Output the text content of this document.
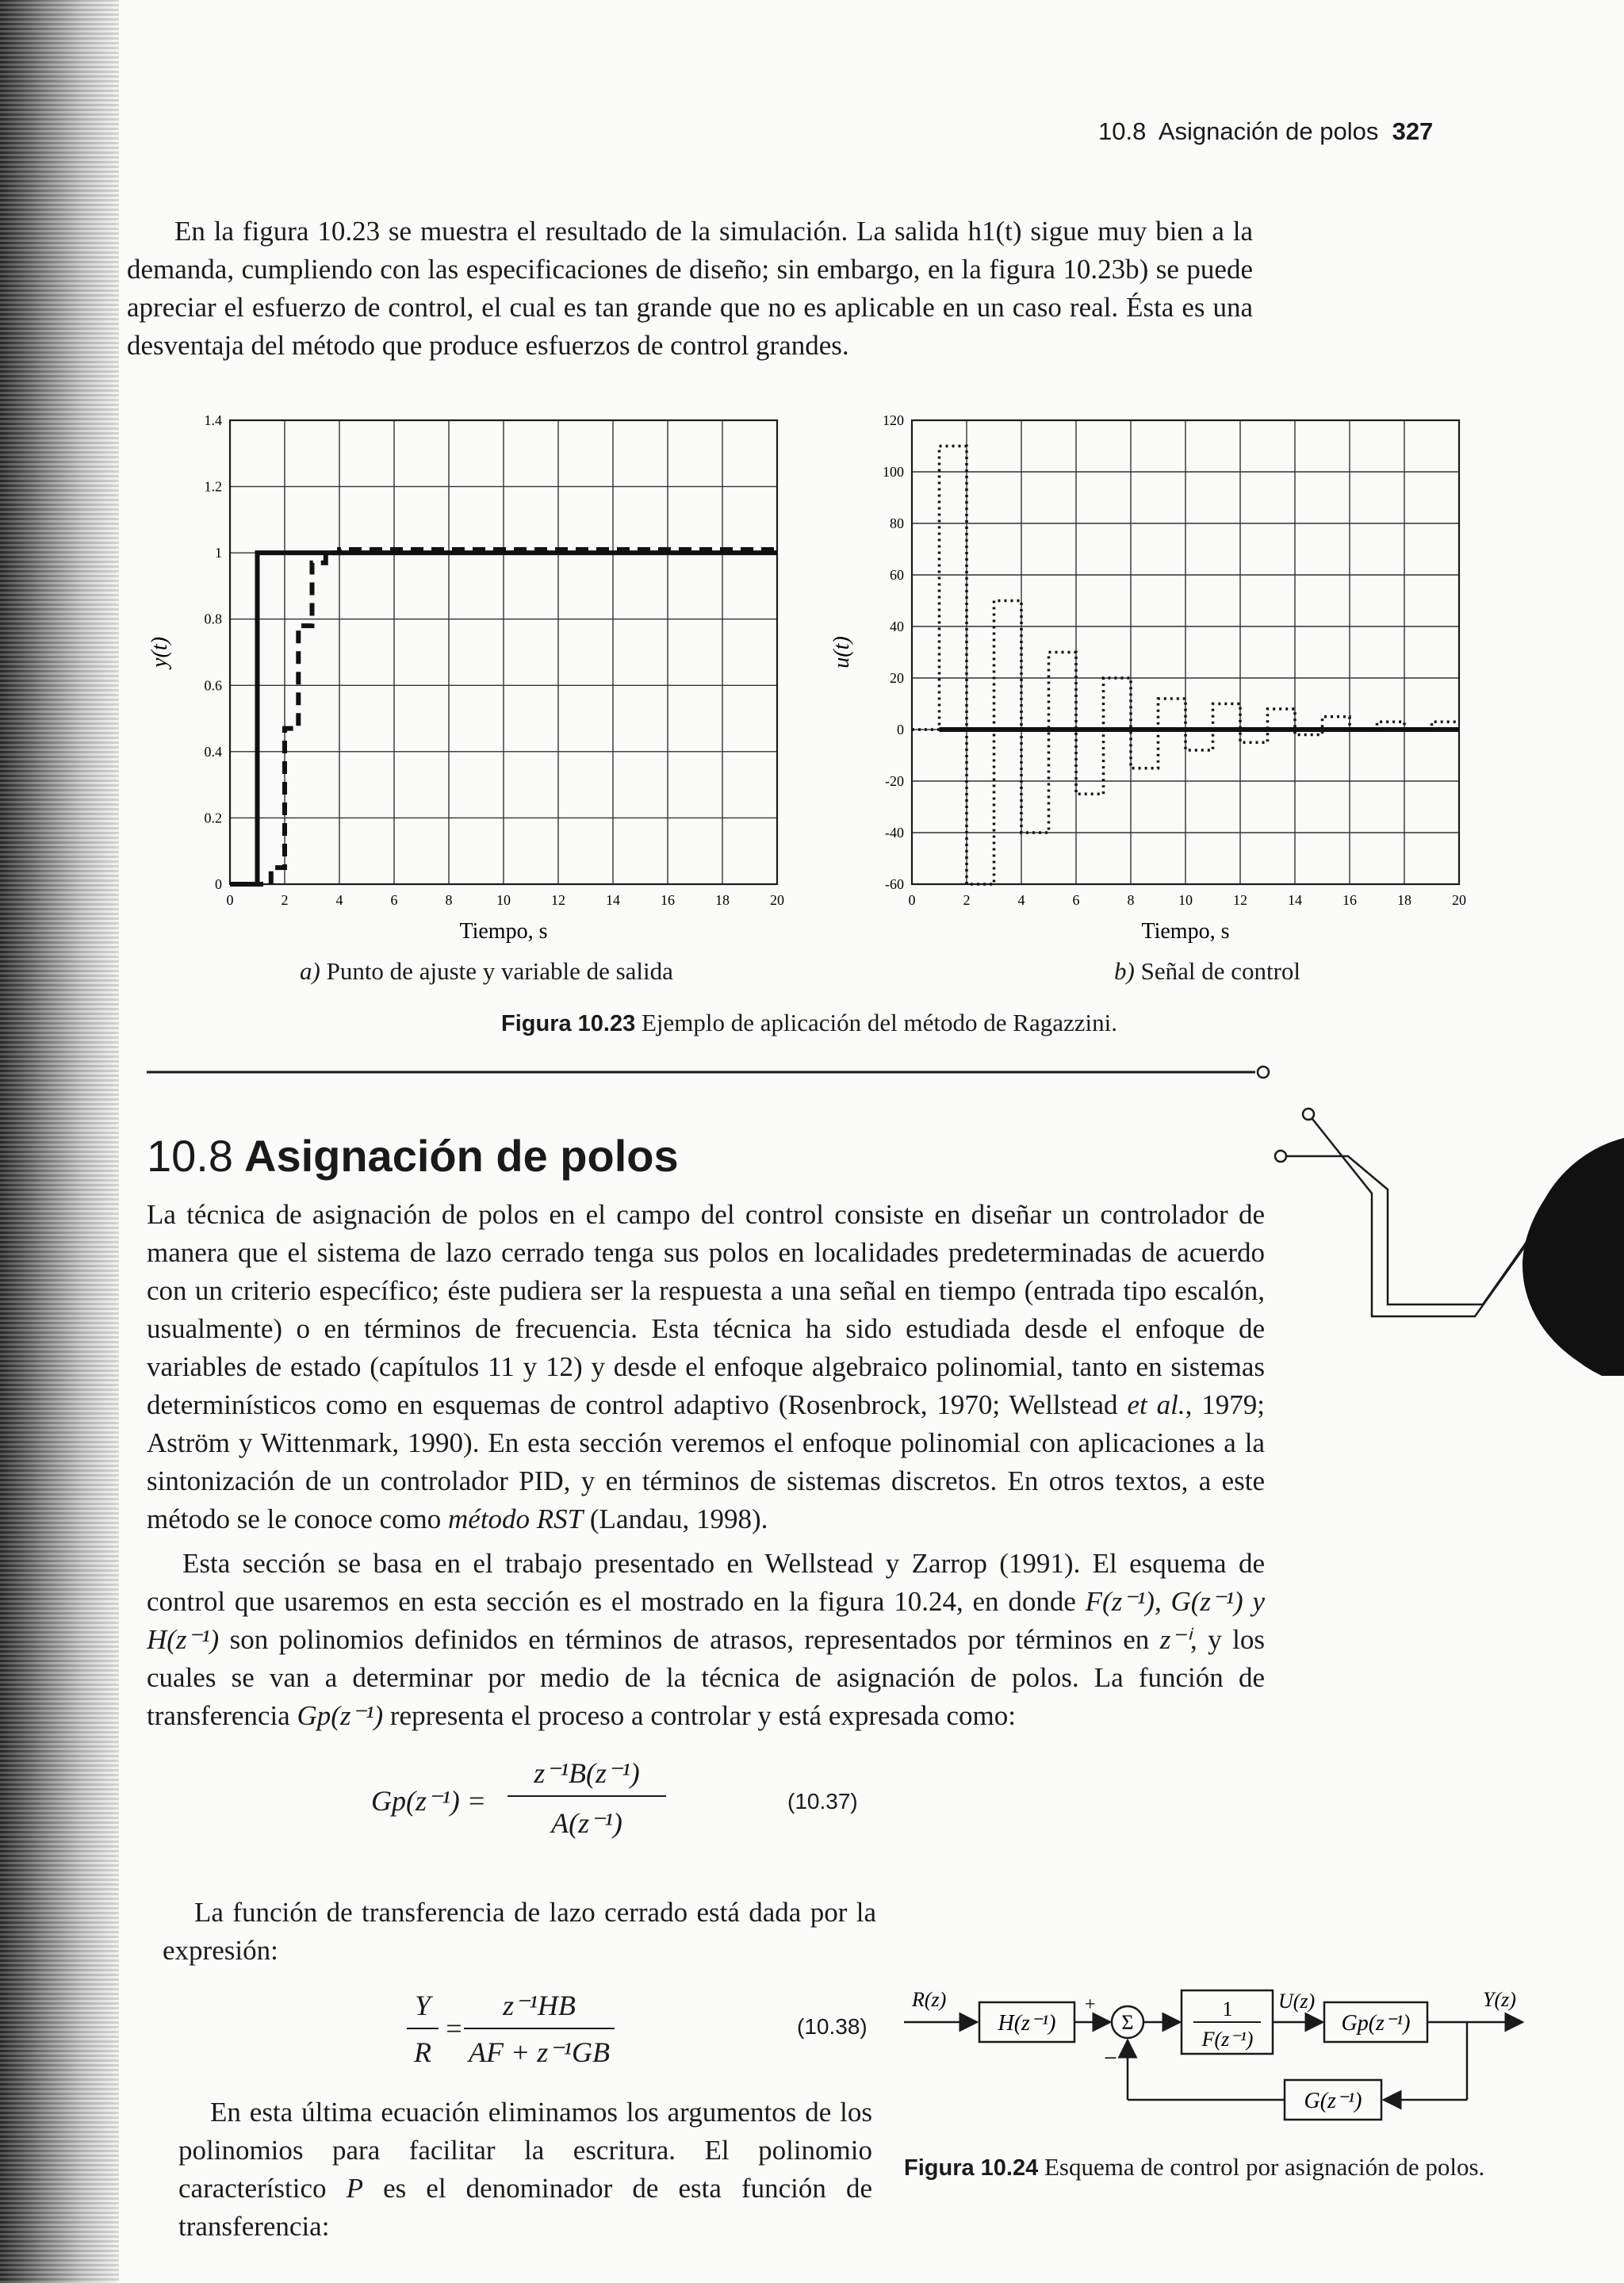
10.8 Asignación de polos 327

En la figura 10.23 se muestra el resultado de la simulación. La salida h1(t) sigue muy bien a la demanda, cumpliendo con las especificaciones de diseño; sin embargo, en la figura 10.23b) se puede apreciar el esfuerzo de control, el cual es tan grande que no es aplicable en un caso real. Ésta es una desventaja del método que produce esfuerzos de control grandes.

0	2	4	6	8	10	12	14	16	18	20
0
0.2
0.4
0.6
0.8
1
1.2
1.4
Tiempo, s
y(t)
0	2	4	6	8	10	12	14	16	18	20
-60
-40
-20
0
20
40
60
80
100
120
Tiempo, s
u(t)
a) Punto de ajuste y variable de salida	b) Señal de control
Figura 10.23 Ejemplo de aplicación del método de Ragazzini.
10.8 Asignación de polos

La técnica de asignación de polos en el campo del control consiste en diseñar un controlador de manera que el sistema de lazo cerrado tenga sus polos en localidades predeterminadas de acuerdo con un criterio específico; éste pudiera ser la respuesta a una señal en tiempo (entrada tipo escalón, usualmente) o en términos de frecuencia. Esta técnica ha sido estudiada desde el enfoque de variables de estado (capítulos 11 y 12) y desde el enfoque algebraico polinomial, tanto en sistemas determinísticos como en esquemas de control adaptivo (Rosenbrock, 1970; Wellstead et al., 1979; Aström y Wittenmark, 1990). En esta sección veremos el enfoque polinomial con aplicaciones a la sintonización de un controlador PID, y en términos de sistemas discretos. En otros textos, a este método se le conoce como método RST (Landau, 1998).

Esta sección se basa en el trabajo presentado en Wellstead y Zarrop (1991). El esquema de control que usaremos en esta sección es el mostrado en la figura 10.24, en donde F(z⁻¹), G(z⁻¹) y H(z⁻¹) son polinomios definidos en términos de atrasos, representados por términos en z⁻ⁱ, y los cuales se van a determinar por medio de la técnica de asignación de polos. La función de transferencia Gp(z⁻¹) representa el proceso a controlar y está expresada como:

Gp(z⁻¹) =
z⁻¹B(z⁻¹)
A(z⁻¹)
(10.37)

La función de transferencia de lazo cerrado está dada por la expresión:

Y
R
=
z⁻¹HB
AF + z⁻¹GB
(10.38)

En esta última ecuación eliminamos los argumentos de los polinomios para facilitar la escritura. El polinomio característico P es el denominador de esta función de transferencia:

R(z)
H(z⁻¹)
+
Σ
−
1
F(z⁻¹)
U(z)
Gp(z⁻¹)
Y(z)
G(z⁻¹)
Figura 10.24 Esquema de control por asignación de polos.
